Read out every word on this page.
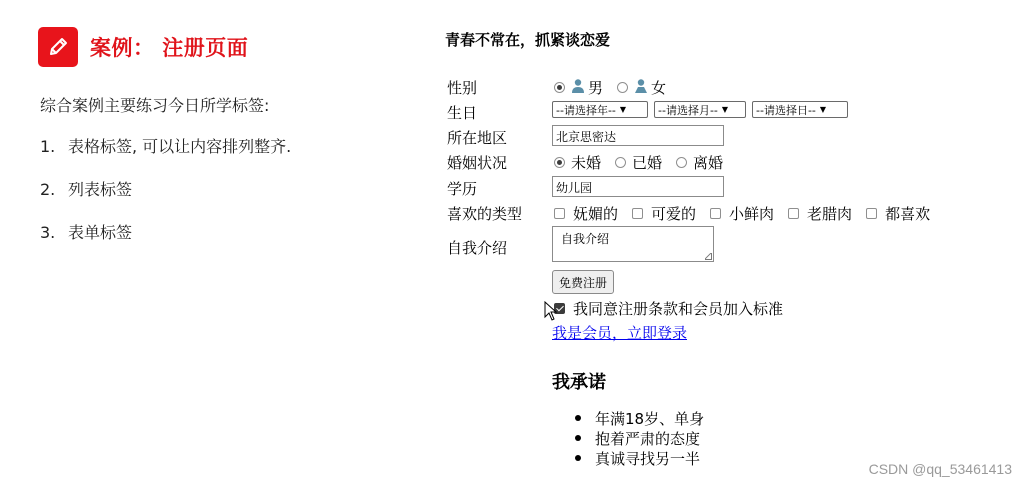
案例： 注册页面
综合案例主要练习今日所学标签:
1. 表格标签, 可以让内容排列整齐.
2. 列表标签
3. 表单标签
青春不常在，抓紧谈恋爱
性别	男	女
生日	--请选择年-- ▼	--请选择月-- ▼	--请选择日-- ▼
所在地区	北京思密达
婚姻状况	未婚 已婚 离婚
学历	幼儿园
喜欢的类型	妩媚的 可爱的 小鲜肉 老腊肉 都喜欢
自我介绍	自我介绍
免费注册
我同意注册条款和会员加入标准
我是会员，立即登录
我承诺
年满18岁、单身
抱着严肃的态度
真诚寻找另一半
CSDN @qq_53461413
